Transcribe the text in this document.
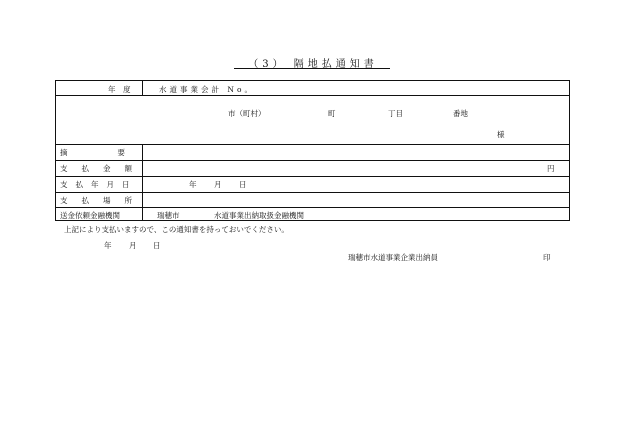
（3） 隔地払通知書
年　度	水道事業会計 No。
市（町村）	町	丁目	番地
様
摘要
支払金額	円
支払年月日	年 月 日
支払場所
送金依頼金融機関	瑞穂市	水道事業出納取扱金融機関
上記により支払いますので、この通知書を持っておいでください。
年 月 日
瑞穂市水道事業企業出納員	印
